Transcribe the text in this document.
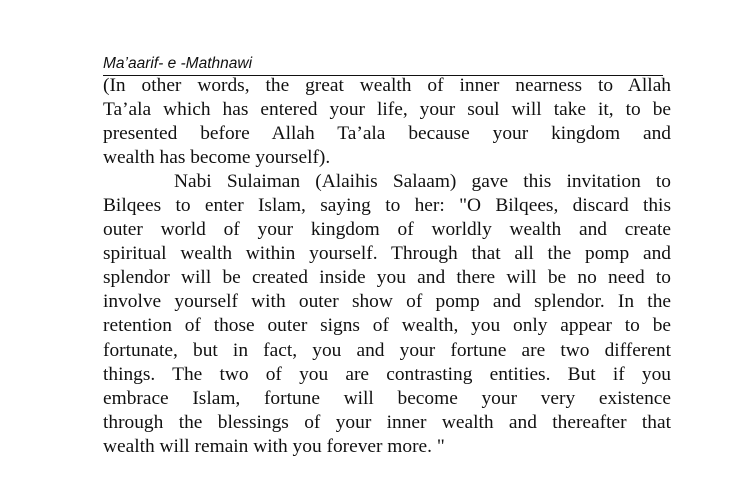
Ma’aarif- e -Mathnawi
(In other words, the great wealth of inner nearness to Allah
Ta’ala which has entered your life, your soul will take it, to be
presented before Allah Ta’ala because your kingdom and
wealth has become yourself).
Nabi Sulaiman (Alaihis Salaam) gave this invitation to
Bilqees to enter Islam, saying to her: "O Bilqees, discard this
outer world of your kingdom of worldly wealth and create
spiritual wealth within yourself. Through that all the pomp and
splendor will be created inside you and there will be no need to
involve yourself with outer show of pomp and splendor. In the
retention of those outer signs of wealth, you only appear to be
fortunate, but in fact, you and your fortune are two different
things. The two of you are contrasting entities. But if you
embrace Islam, fortune will become your very existence
through the blessings of your inner wealth and thereafter that
wealth will remain with you forever more. "
